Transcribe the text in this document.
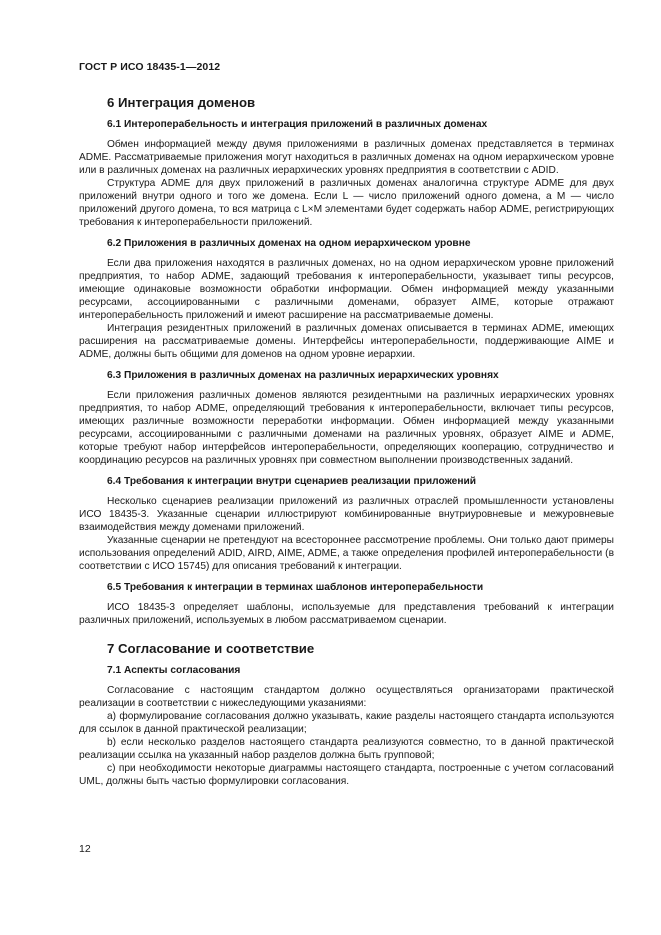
ГОСТ Р ИСО 18435-1—2012
6 Интеграция доменов
6.1 Интероперабельность и интеграция приложений в различных доменах

Обмен информацией между двумя приложениями в различных доменах представляется в терминах ADME. Рассматриваемые приложения могут находиться в различных доменах на одном иерархическом уровне или в различных доменах на различных иерархических уровнях предприятия в соответствии с ADID.

Структура ADME для двух приложений в различных доменах аналогична структуре ADME для двух приложений внутри одного и того же домена. Если L — число приложений одного домена, а M — число приложений другого домена, то вся матрица с L×M элементами будет содержать набор ADME, регистрирующих требования к интероперабельности приложений.

6.2 Приложения в различных доменах на одном иерархическом уровне

Если два приложения находятся в различных доменах, но на одном иерархическом уровне приложений предприятия, то набор ADME, задающий требования к интероперабельности, указывает типы ресурсов, имеющие одинаковые возможности обработки информации. Обмен информацией между указанными ресурсами, ассоциированными с различными доменами, образует AIME, которые отражают интероперабельность приложений и имеют расширение на рассматриваемые домены.

Интеграция резидентных приложений в различных доменах описывается в терминах ADME, имеющих расширения на рассматриваемые домены. Интерфейсы интероперабельности, поддерживающие AIME и ADME, должны быть общими для доменов на одном уровне иерархии.

6.3 Приложения в различных доменах на различных иерархических уровнях

Если приложения различных доменов являются резидентными на различных иерархических уровнях предприятия, то набор ADME, определяющий требования к интероперабельности, включает типы ресурсов, имеющих различные возможности переработки информации. Обмен информацией между указанными ресурсами, ассоциированными с различными доменами на различных уровнях, образует AIME и ADME, которые требуют набор интерфейсов интероперабельности, определяющих кооперацию, сотрудничество и координацию ресурсов на различных уровнях при совместном выполнении производственных заданий.

6.4 Требования к интеграции внутри сценариев реализации приложений

Несколько сценариев реализации приложений из различных отраслей промышленности установлены ИСО 18435-3. Указанные сценарии иллюстрируют комбинированные внутриуровневые и межуровневые взаимодействия между доменами приложений.

Указанные сценарии не претендуют на всестороннее рассмотрение проблемы. Они только дают примеры использования определений ADID, AIRD, AIME, ADME, а также определения профилей интероперабельности (в соответствии с ИСО 15745) для описания требований к интеграции.

6.5 Требования к интеграции в терминах шаблонов интероперабельности

ИСО 18435-3 определяет шаблоны, используемые для представления требований к интеграции различных приложений, используемых в любом рассматриваемом сценарии.

7 Согласование и соответствие
7.1 Аспекты согласования

Согласование с настоящим стандартом должно осуществляться организаторами практической реализации в соответствии с нижеследующими указаниями:

a) формулирование согласования должно указывать, какие разделы настоящего стандарта используются для ссылок в данной практической реализации;

b) если несколько разделов настоящего стандарта реализуются совместно, то в данной практической реализации ссылка на указанный набор разделов должна быть групповой;

c) при необходимости некоторые диаграммы настоящего стандарта, построенные с учетом согласований UML, должны быть частью формулировки согласования.

12
